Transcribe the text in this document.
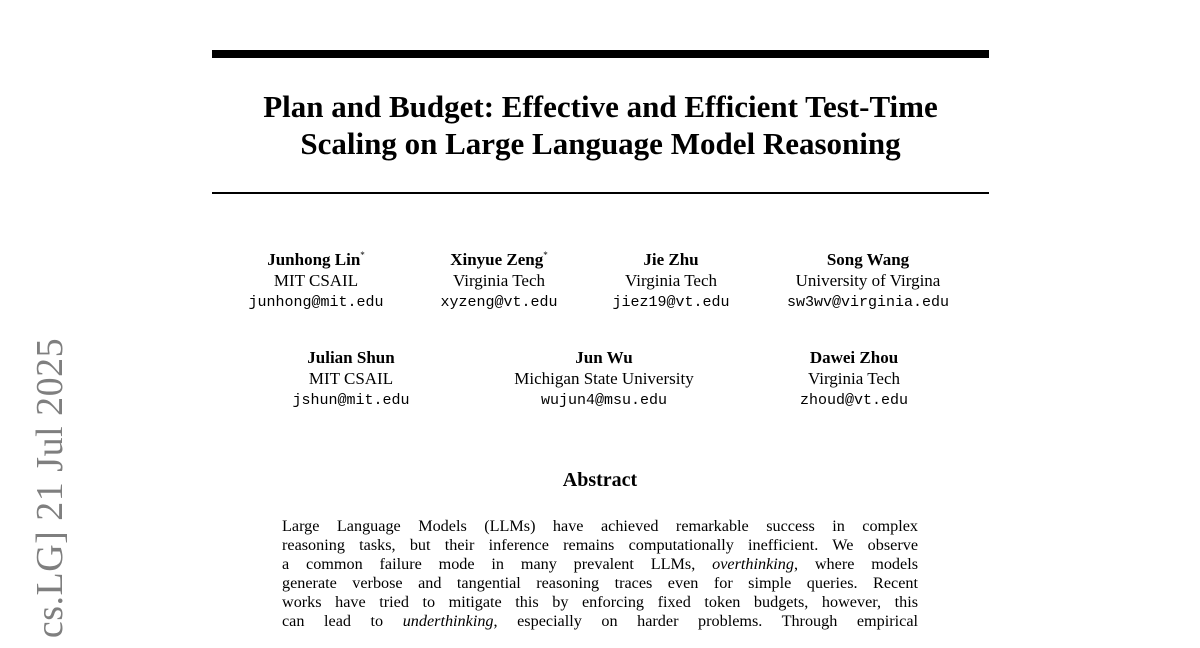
Plan and Budget: Effective and Efficient Test-Time
Scaling on Large Language Model Reasoning
Junhong Lin*
MIT CSAIL
junhong@mit.edu
Xinyue Zeng*
Virginia Tech
xyzeng@vt.edu
Jie Zhu
Virginia Tech
jiez19@vt.edu
Song Wang
University of Virgina
sw3wv@virginia.edu
Julian Shun
MIT CSAIL
jshun@mit.edu
Jun Wu
Michigan State University
wujun4@msu.edu
Dawei Zhou
Virginia Tech
zhoud@vt.edu
Abstract
Large Language Models (LLMs) have achieved remarkable success in complex
reasoning tasks, but their inference remains computationally inefficient. We observe
a common failure mode in many prevalent LLMs, overthinking, where models
generate verbose and tangential reasoning traces even for simple queries. Recent
works have tried to mitigate this by enforcing fixed token budgets, however, this
can lead to underthinking, especially on harder problems. Through empirical
cs.LG] 21 Jul 2025
